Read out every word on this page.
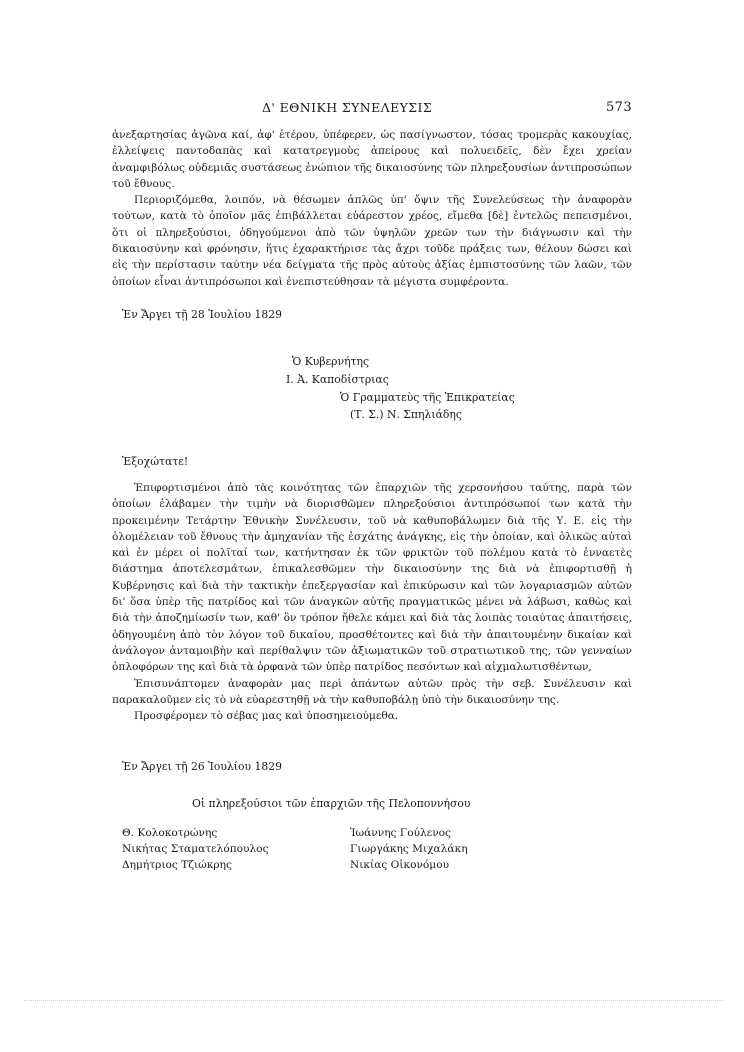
Δ' ΕΘΝΙΚΗ ΣΥΝΕΛΕΥΣΙΣ	573

ἀνεξαρτησίας ἀγῶνα καί, ἀφ' ἑτέρου, ὑπέφερεν, ὡς πασίγνωστον, τόσας τρομερὰς κακουχίας, ἐλλείψεις παντοδαπὰς καὶ κατατρεγμοὺς ἀπείρους καὶ πολυειδεῖς, δὲν ἔχει χρείαν ἀναμφιβόλως οὐδεμιᾶς συστάσεως ἐνώπιον τῆς δικαιοσύνης τῶν πληρεξουσίων ἀντιπροσώπων τοῦ ἔθνους.

Περιοριζόμεθα, λοιπόν, νὰ θέσωμεν ἁπλῶς ὑπ' ὄψιν τῆς Συνελεύσεως τὴν ἀναφορὰν τούτων, κατὰ τὸ ὁποῖον μᾶς ἐπιβάλλεται εὐάρεστον χρέος, εἴμεθα [δὲ] ἐντελῶς πεπεισμένοι, ὅτι οἱ πληρεξούσιοι, ὁδηγούμενοι ἀπὸ τῶν ὑψηλῶν χρεῶν των τὴν διάγνωσιν καὶ τὴν δικαιοσύνην καὶ φρόνησιν, ἥτις ἐχαρακτήρισε τὰς ἄχρι τοῦδε πράξεις των, θέλουν δώσει καὶ εἰς τὴν περίστασιν ταύτην νέα δείγματα τῆς πρὸς αὐτοὺς ἀξίας ἐμπιστοσύνης τῶν λαῶν, τῶν ὁποίων εἶναι ἀντιπρόσωποι καὶ ἐνεπιστεύθησαν τὰ μέγιστα συμφέροντα.

Ἐν Ἄργει τῇ 28 Ἰουλίου 1829
Ὁ Κυβερνήτης
Ι. Ἀ. Καποδίστριας
Ὁ Γραμματεὺς τῆς Ἐπικρατείας
(Τ. Σ.) Ν. Σπηλιάδης
Ἐξοχώτατε!

Ἐπιφορτισμένοι ἀπὸ τὰς κοινότητας τῶν ἐπαρχιῶν τῆς χερσονήσου ταύτης, παρὰ τῶν ὁποίων ἐλάβαμεν τὴν τιμὴν νὰ διορισθῶμεν πληρεξούσιοι ἀντιπρόσωποί των κατὰ τὴν προκειμένην Τετάρτην Ἐθνικὴν Συνέλευσιν, τοῦ νὰ καθυποβάλωμεν διὰ τῆς Υ. Ε. εἰς τὴν ὁλομέλειαν τοῦ ἔθνους τὴν ἀμηχανίαν τῆς ἐσχάτης ἀνάγκης, εἰς τὴν ὁποίαν, καὶ ὁλικῶς αὐταὶ καὶ ἐν μέρει οἱ πολῖταί των, κατήντησαν ἐκ τῶν φρικτῶν τοῦ πολέμου κατὰ τὸ ἐνναετὲς διάστημα ἀποτελεσμάτων, ἐπικαλεσθῶμεν τὴν δικαιοσύνην της διὰ νὰ ἐπιφορτισθῇ ἡ Κυβέρνησις καὶ διὰ τὴν τακτικὴν ἐπεξεργασίαν καὶ ἐπικύρωσιν καὶ τῶν λογαριασμῶν αὐτῶν δι' ὅσα ὑπὲρ τῆς πατρίδος καὶ τῶν ἀναγκῶν αὐτῆς πραγματικῶς μένει νὰ λάβωσι, καθὼς καὶ διὰ τὴν ἀποζημίωσίν των, καθ' ὃν τρόπον ἤθελε κάμει καὶ διὰ τὰς λοιπὰς τοιαύτας ἀπαιτήσεις, ὁδηγουμένη ἀπὸ τὸν λόγον τοῦ δικαίου, προσθέτοντες καὶ διὰ τὴν ἀπαιτουμένην δικαίαν καὶ ἀνάλογον ἀνταμοιβὴν καὶ περίθαλψιν τῶν ἀξιωματικῶν τοῦ στρατιωτικοῦ της, τῶν γενναίων ὁπλοφόρων της καὶ διὰ τὰ ὀρφανὰ τῶν ὑπὲρ πατρίδος πεσόντων καὶ αἰχμαλωτισθέντων,

Ἐπισυνάπτομεν ἀναφορὰν μας περὶ ἁπάντων αὐτῶν πρὸς τὴν σεβ. Συνέλευσιν καὶ παρακαλοῦμεν εἰς τὸ νὰ εὐαρεστηθῇ νὰ τὴν καθυποβάλῃ ὑπὸ τὴν δικαιοσύνην της.

Προσφέρομεν τὸ σέβας μας καὶ ὑποσημειούμεθα.

Ἐν Ἄργει τῇ 26 Ἰουλίου 1829
Οἱ πληρεξούσιοι τῶν ἐπαρχιῶν τῆς Πελοποννήσου
Θ. Κολοκοτρώνης
Νικήτας Σταματελόπουλος
Δημήτριος Τζιώκρης
Ἰωάννης Γούλενος
Γιωργάκης Μιχαλάκη
Νικίας Οἰκονόμου
